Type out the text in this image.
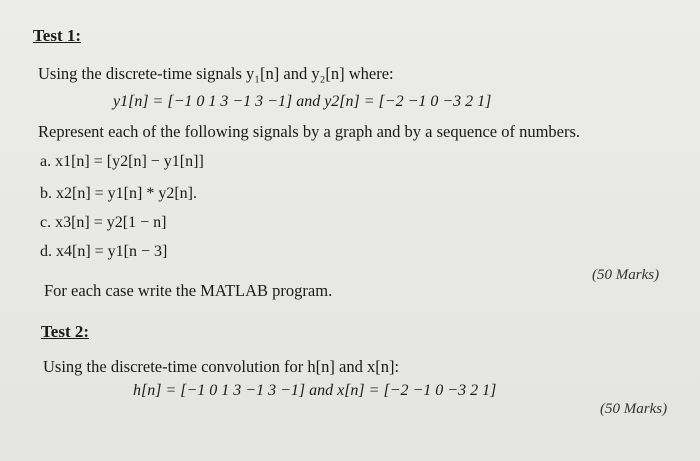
Test 1:
Using the discrete-time signals y₁[n] and y₂[n] where:
y1[n] = [−1 0 1 3 −1 3 −1] and y2[n] = [−2 −1 0 −3 2 1]
Represent each of the following signals by a graph and by a sequence of numbers.
a. x1[n] = [y2[n] − y1[n]]
b. x2[n] = y1[n] * y2[n].
c. x3[n] = y2[1 − n]
d. x4[n] = y1[n − 3]
(50 Marks)
For each case write the MATLAB program.
Test 2:
Using the discrete-time convolution for h[n] and x[n]:
h[n] = [−1 0 1 3 −1 3 −1] and x[n] = [−2 −1 0 −3 2 1]
(50 Marks)
